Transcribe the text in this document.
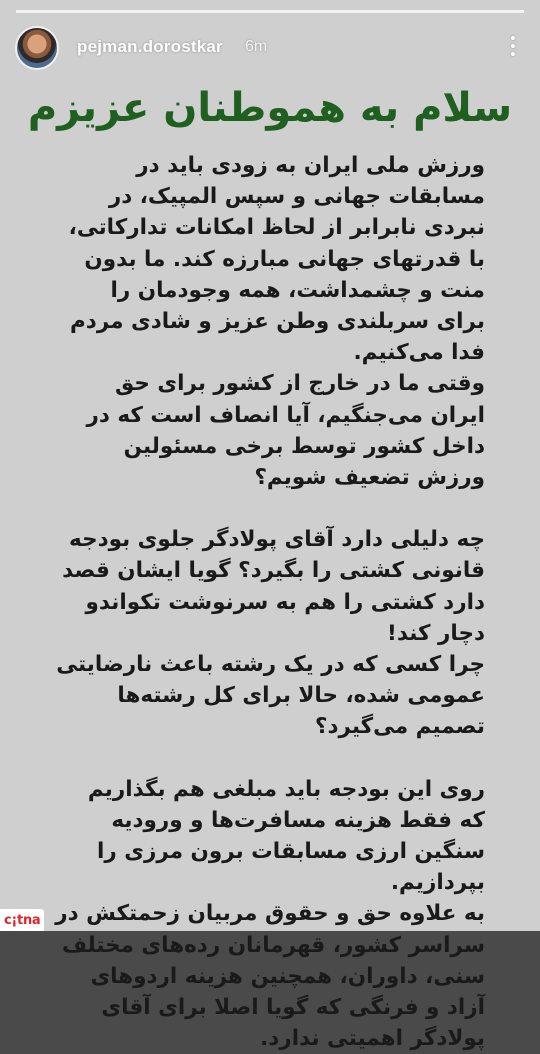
pejman.dorostkar 6m
سلام به هموطنان عزیزم

ورزش ملی ایران به زودی باید در مسابقات جهانی و سپس المپیک، در نبردی نابرابر از لحاظ امکانات تدارکاتی، با قدرتهای جهانی مبارزه کند. ما بدون منت و چشمداشت، همه وجودمان را برای سربلندی وطن عزیز و شادی مردم فدا می‌کنیم.

وقتی ما در خارج از کشور برای حق ایران می‌جنگیم، آیا انصاف است که در داخل کشور توسط برخی مسئولین ورزش تضعیف شویم؟

چه دلیلی دارد آقای پولادگر جلوی بودجه قانونی کشتی را بگیرد؟ گویا ایشان قصد دارد کشتی را هم به سرنوشت تکواندو دچار کند!

چرا کسی که در یک رشته باعث نارضایتی عمومی شده، حالا برای کل رشته‌ها تصمیم می‌گیرد؟

روی این بودجه باید مبلغی هم بگذاریم که فقط هزینه مسافرت‌ها و ورودیه سنگین ارزی مسابقات برون مرزی را بپردازیم.

به علاوه حق و حقوق مربیان زحمتکش در سراسر کشور، قهرمانان رده‌های مختلف سنی، داوران، همچنین هزینه اردوهای آزاد و فرنگی که گویا اصلا برای آقای پولادگر اهمیتی ندارد.

c¡tna
